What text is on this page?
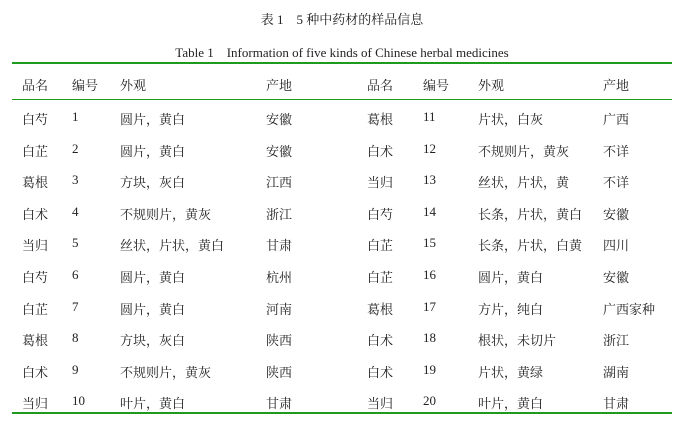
表 1　5 种中药材的样品信息
Table 1　Information of five kinds of Chinese herbal medicines
品名 编号 外观	产地	品名 编号 外观	产地
白芍 1	圆片，黄白	安徽	葛根 11	片状，白灰	广西
白芷 2	圆片，黄白	安徽	白术 12	不规则片，黄灰	不详
葛根 3	方块，灰白	江西	当归 13	丝状，片状，黄	不详
白术 4	不规则片，黄灰	浙江	白芍 14	长条，片状，黄白 安徽
当归 5	丝状，片状，黄白	甘肃	白芷 15	长条，片状，白黄 四川
白芍 6	圆片，黄白	杭州	白芷 16	圆片，黄白	安徽
白芷 7	圆片，黄白	河南	葛根 17	方片，纯白	广西家种
葛根 8	方块，灰白	陕西	白术 18	根状，未切片	浙江
白术 9	不规则片，黄灰	陕西	白术 19	片状，黄绿	湖南
当归 10	叶片，黄白	甘肃	当归 20	叶片，黄白	甘肃
